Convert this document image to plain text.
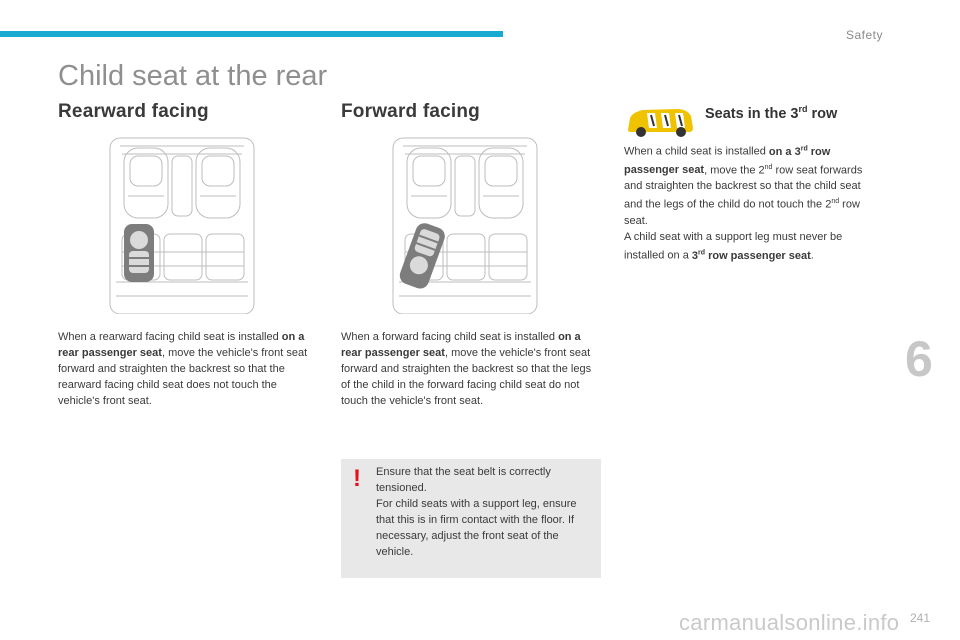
Safety
Child seat at the rear
Rearward facing
When a rearward facing child seat is installed on a rear passenger seat, move the vehicle's front seat forward and straighten the backrest so that the rearward facing child seat does not touch the vehicle's front seat.
Forward facing
When a forward facing child seat is installed on a rear passenger seat, move the vehicle's front seat forward and straighten the backrest so that the legs of the child in the forward facing child seat do not touch the vehicle's front seat.
! Ensure that the seat belt is correctly tensioned.
For child seats with a support leg, ensure that this is in firm contact with the floor. If necessary, adjust the front seat of the vehicle.
Seats in the 3rd row
When a child seat is installed on a 3rd row passenger seat, move the 2nd row seat forwards and straighten the backrest so that the child seat and the legs of the child do not touch the 2nd row seat.
A child seat with a support leg must never be installed on a 3rd row passenger seat.
6
carmanualsonline.info 241
